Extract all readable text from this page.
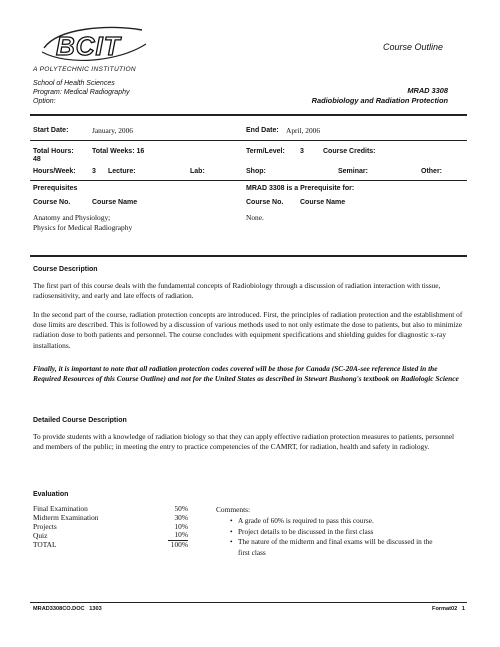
BCIT
A POLYTECHNIC INSTITUTION
Course Outline
School of Health Sciences
Program: Medical Radiography
Option:
MRAD 3308
Radiobiology and Radiation Protection
Start Date:	January, 2006	End Date: April, 2006
Total Hours:
48
Total Weeks: 16	Term/Level: 3	Course Credits:
Hours/Week: 3 Lecture:	Lab:	Shop:	Seminar:	Other:
Prerequisites	MRAD 3308 is a Prerequisite for:
Course No.	Course Name	Course No. Course Name
Anatomy and Physiology;
Physics for Medical Radiography
None.
Course Description

The first part of this course deals with the fundamental concepts of Radiobiology through a discussion of radiation interaction with tissue, radiosensitivity, and early and late effects of radiation.

In the second part of the course, radiation protection concepts are introduced. First, the principles of radiation protection and the establishment of dose limits are described. This is followed by a discussion of various methods used to not only estimate the dose to patients, but also to minimize radiation dose to both patients and personnel. The course concludes with equipment specifications and shielding guides for diagnostic x-ray installations.

Finally, it is important to note that all radiation protection codes covered will be those for Canada (SC-20A-see reference listed in the Required Resources of this Course Outline) and not for the United States as described in Stewart Bushong's textbook on Radiologic Science

Detailed Course Description

To provide students with a knowledge of radiation biology so that they can apply effective radiation protection measures to patients, personnel and members of the public; in meeting the entry to practice competencies of the CAMRT, for radiation, health and safety in radiology.

Evaluation
Final Examination	50%
Midterm Examination	30%
Projects	10%
Quiz	10%
TOTAL	100%
Comments:
• A grade of 60% is required to pass this course.
• Project details to be discussed in the first class
• The nature of the midterm and final exams will be discussed in the first class
MRAD3308CO.DOC   1303	Format02   1
